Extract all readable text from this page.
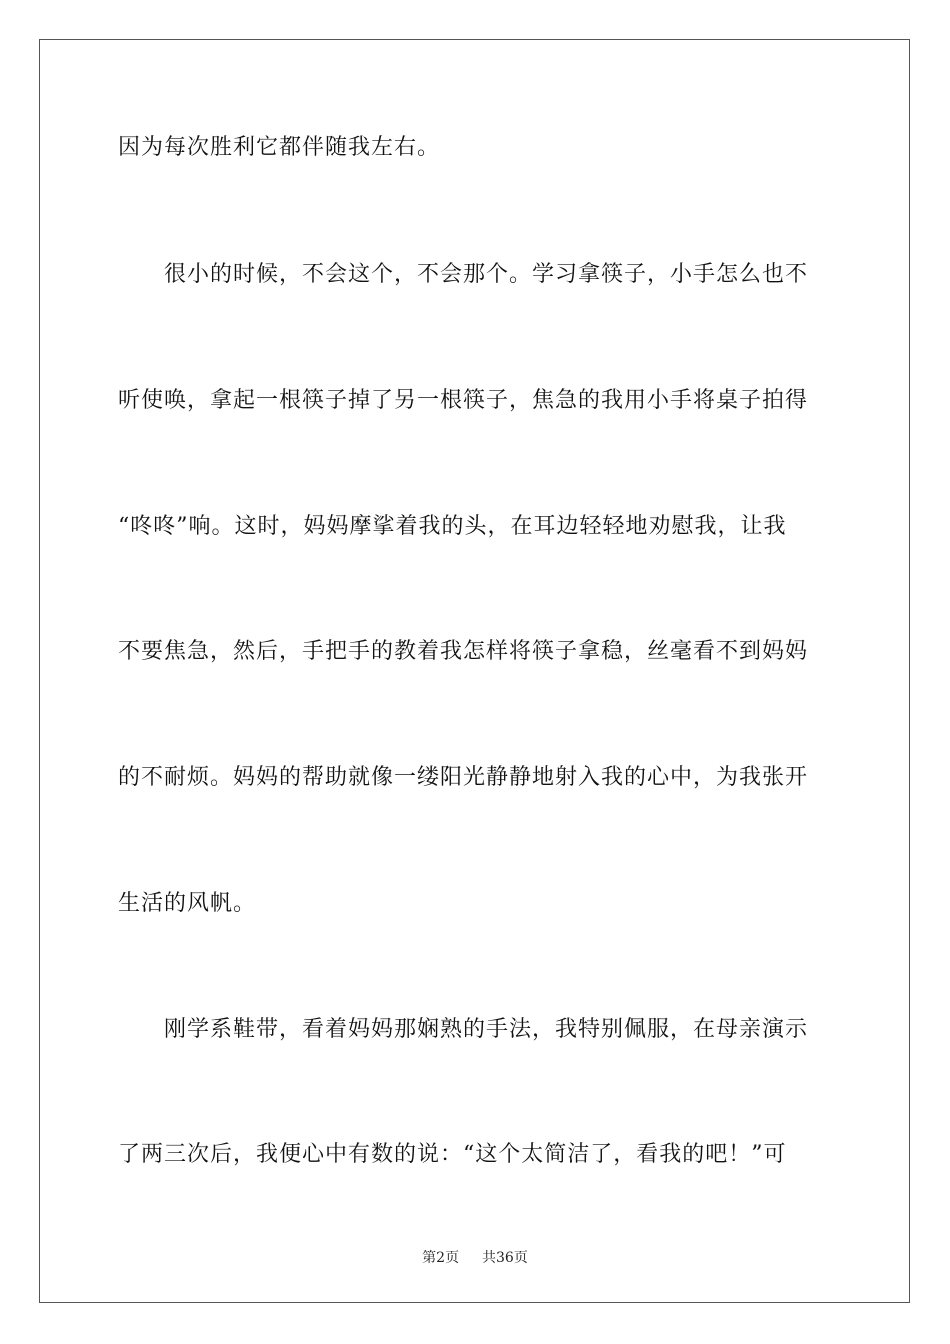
因为每次胜利它都伴随我左右。
很小的时候，不会这个，不会那个。学习拿筷子，小手怎么也不
听使唤，拿起一根筷子掉了另一根筷子，焦急的我用小手将桌子拍得
“咚咚”响。这时，妈妈摩挲着我的头，在耳边轻轻地劝慰我，让我
不要焦急，然后，手把手的教着我怎样将筷子拿稳，丝毫看不到妈妈
的不耐烦。妈妈的帮助就像一缕阳光静静地射入我的心中，为我张开
生活的风帆。
刚学系鞋带，看着妈妈那娴熟的手法，我特别佩服，在母亲演示
了两三次后，我便心中有数的说：“这个太简洁了，看我的吧！”可
第2页 共36页
